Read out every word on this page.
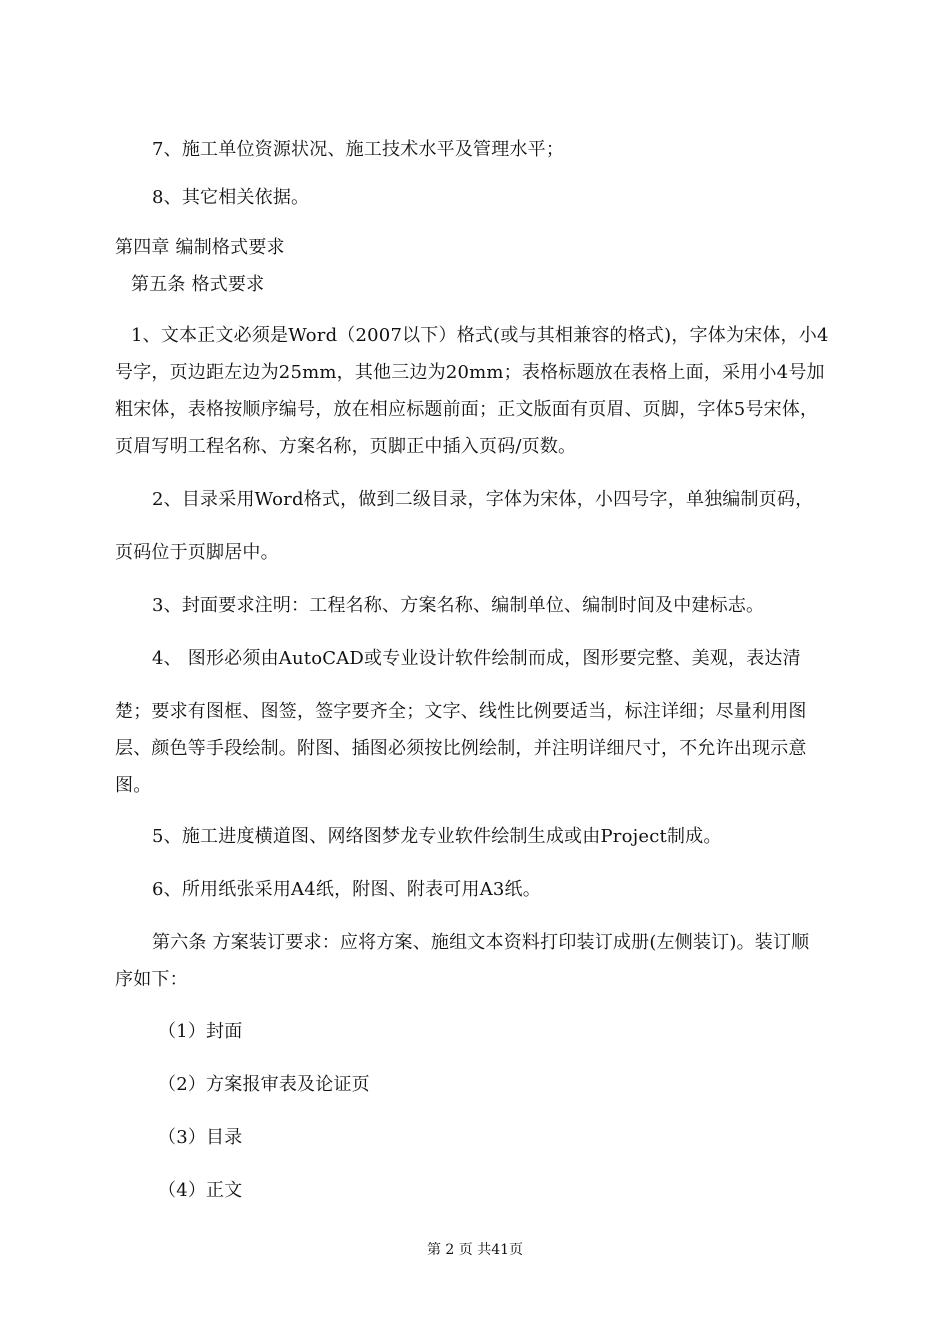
7、施工单位资源状况、施工技术水平及管理水平；
8、其它相关依据。
第四章 编制格式要求
第五条 格式要求
1、文本正文必须是Word（2007以下）格式(或与其相兼容的格式)，字体为宋体，小4
号字，页边距左边为25mm，其他三边为20mm；表格标题放在表格上面，采用小4号加
粗宋体，表格按顺序编号，放在相应标题前面；正文版面有页眉、页脚，字体5号宋体，
页眉写明工程名称、方案名称，页脚正中插入页码/页数。
2、目录采用Word格式，做到二级目录，字体为宋体，小四号字，单独编制页码，
页码位于页脚居中。
3、封面要求注明：工程名称、方案名称、编制单位、编制时间及中建标志。
4、 图形必须由AutoCAD或专业设计软件绘制而成，图形要完整、美观，表达清
楚；要求有图框、图签，签字要齐全；文字、线性比例要适当，标注详细；尽量利用图
层、颜色等手段绘制。附图、插图必须按比例绘制，并注明详细尺寸，不允许出现示意
图。
5、施工进度横道图、网络图梦龙专业软件绘制生成或由Project制成。
6、所用纸张采用A4纸，附图、附表可用A3纸。
第六条 方案装订要求：应将方案、施组文本资料打印装订成册(左侧装订)。装订顺
序如下：
（1）封面
（2）方案报审表及论证页
（3）目录
（4）正文
第 2 页 共41页
